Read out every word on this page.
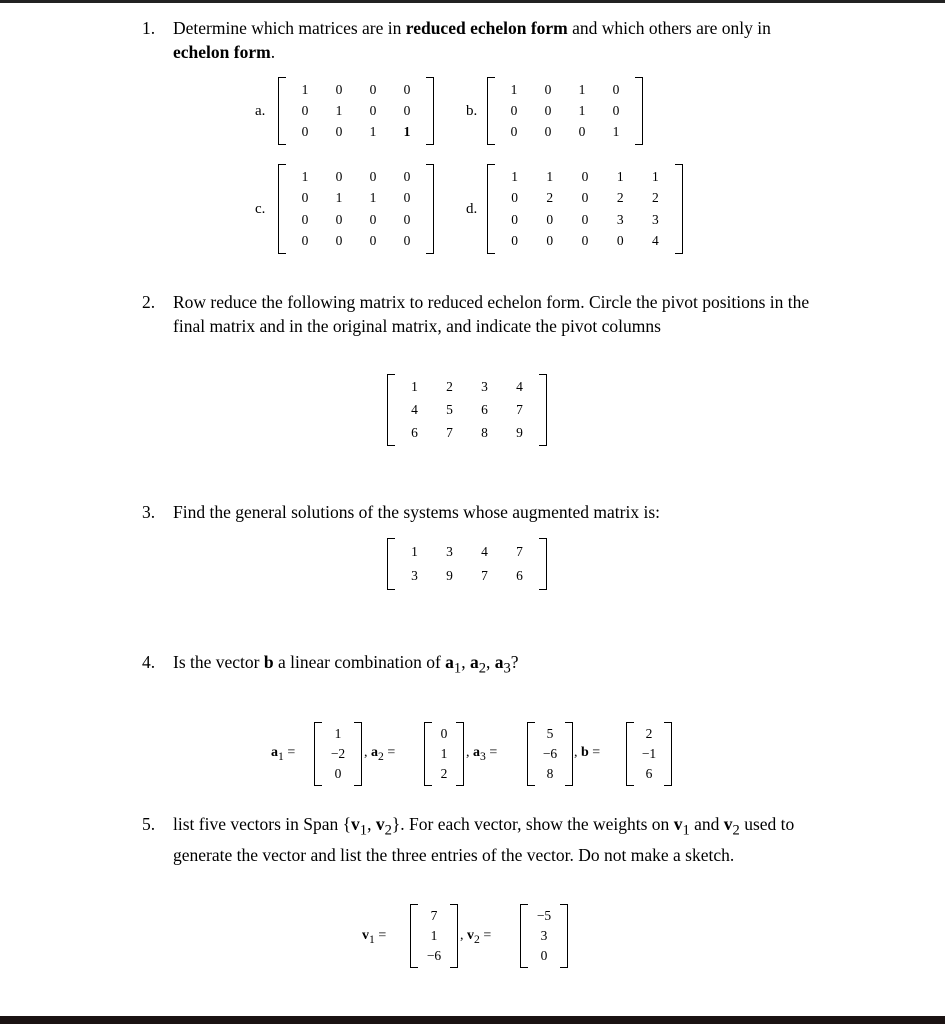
1. Determine which matrices are in reduced echelon form and which others are only in echelon form.
a.
1	0	0	0
0	1	0	0
0	0	1	1
b.
1	0	1	0
0	0	1	0
0	0	0	1
c.
1	0	0	0
0	1	1	0
0	0	0	0
0	0	0	0
d.
1	1	0	1	1
0	2	0	2	2
0	0	0	3	3
0	0	0	0	4
2. Row reduce the following matrix to reduced echelon form. Circle the pivot positions in the final matrix and in the original matrix, and indicate the pivot columns
1	2	3	4
4	5	6	7
6	7	8	9
3. Find the general solutions of the systems whose augmented matrix is:
1	3	4	7
3	9	7	6
4. Is the vector b a linear combination of $a_1$, $a_2$, $a_3$?
$a_1$ =
1
−2
0
, $a_2$ =
0
1
2
, $a_3$ =
5
−6
8
, b =
2
−1
6
5. list five vectors in Span {$v_1$, $v_2$}. For each vector, show the weights on $v_1$ and $v_2$ used to generate the vector and list the three entries of the vector. Do not make a sketch.
$v_1$ =
7
1
−6
, $v_2$ =
−5
3
0
